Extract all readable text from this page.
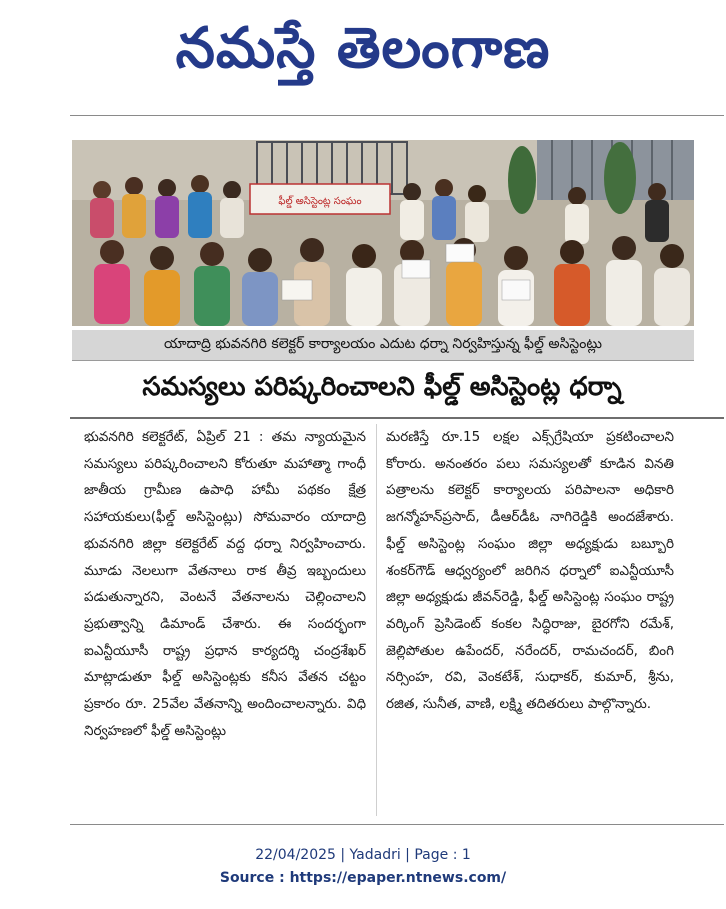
నమస్తే తెలంగాణ
ఫీల్డ్ అసిస్టెంట్ల సంఘం
యాదాద్రి భువనగిరి కలెక్టర్ కార్యాలయం ఎదుట ధర్నా నిర్వహిస్తున్న ఫీల్డ్ అసిస్టెంట్లు
సమస్యలు పరిష్కరించాలని ఫీల్డ్ అసిస్టెంట్ల ధర్నా
భువనగిరి కలెక్టరేట్, ఏప్రిల్ 21 : తమ న్యాయమైన సమస్యలు పరిష్కరించాలని కోరుతూ మహాత్మా గాంధీ జాతీయ గ్రామీణ ఉపాధి హామీ పథకం క్షేత్ర సహాయకులు(ఫీల్డ్ అసిస్టెంట్లు) సోమవారం యాదాద్రి భువనగిరి జిల్లా కలెక్టరేట్ వద్ద ధర్నా నిర్వహించారు. మూడు నెలలుగా వేతనాలు రాక తీవ్ర ఇబ్బందులు పడుతున్నారని, వెంటనే వేతనాలను చెల్లించాలని ప్రభుత్వాన్ని డిమాండ్ చేశారు. ఈ సందర్భంగా ఐఎన్టీయూసీ రాష్ట్ర ప్రధాన కార్యదర్శి చంద్రశేఖర్ మాట్లాడుతూ ఫీల్డ్ అసిస్టెంట్లకు కనీస వేతన చట్టం ప్రకారం రూ. 25వేల వేతనాన్ని అందించాలన్నారు. విధి నిర్వహణలో ఫీల్డ్ అసిస్టెంట్లు
మరణిస్తే రూ.15 లక్షల ఎక్స్‌గ్రేషియా ప్రకటించాలని కోరారు. అనంతరం పలు సమస్యలతో కూడిన వినతి పత్రాలను కలెక్టర్ కార్యాలయ పరిపాలనా అధికారి జగన్మోహన్‌ప్రసాద్, డీఆర్‌డీఓ నాగిరెడ్డికి అందజేశారు. ఫీల్డ్ అసిస్టెంట్ల సంఘం జిల్లా అధ్యక్షుడు బబ్బూరి శంకర్‌గౌడ్ ఆధ్వర్యంలో జరిగిన ధర్నాలో ఐఎన్టీయూసీ జిల్లా అధ్యక్షుడు జీవన్‌రెడ్డి, ఫీల్డ్ అసిస్టెంట్ల సంఘం రాష్ట్ర వర్కింగ్ ప్రెసిడెంట్ కంకల సిద్ధిరాజు, బైరగోని రమేశ్, జెల్లిపోతుల ఉపేందర్, నరేందర్, రామచందర్, బింగి నర్సింహ, రవి, వెంకటేశ్, సుధాకర్, కుమార్, శ్రీను, రజిత, సునీత, వాణి, లక్ష్మి తదితరులు పాల్గొన్నారు.
22/04/2025 | Yadadri | Page : 1
Source : https://epaper.ntnews.com/
